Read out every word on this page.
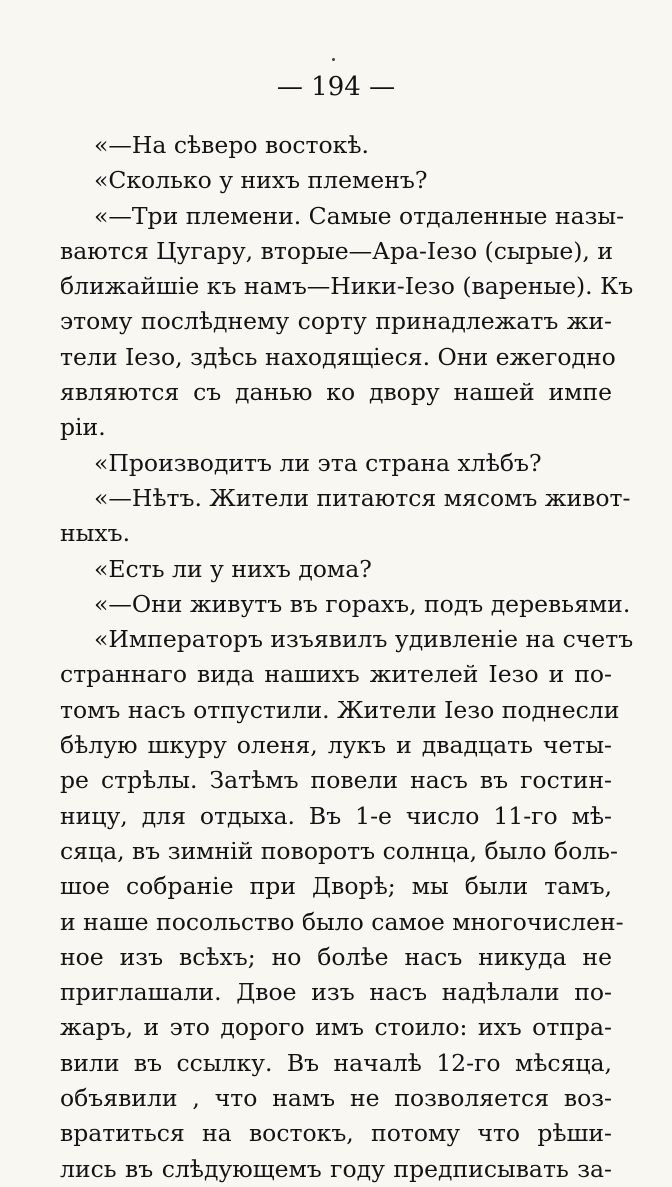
— 194 —
«—На сѣверо востокѣ.
«Сколько у нихъ племенъ?
«—Три племени. Самые отдаленные назы-
ваются Цугару, вторые—Ара-Іезо (сырые), и
ближайшіе къ намъ—Ники-Іезо (вареные). Къ
этому послѣднему сорту принадлежатъ жи-
тели Іезо, здѣсь находящіеся. Они ежегодно
являются съ данью ко двору нашей импе
ріи.
«Производитъ ли эта страна хлѣбъ?
«—Нѣтъ. Жители питаются мясомъ живот-
ныхъ.
«Есть ли у нихъ дома?
«—Они живутъ въ горахъ, подъ деревьями.
«Императоръ изъявилъ удивленіе на счетъ
страннаго вида нашихъ жителей Іезо и по-
томъ насъ отпустили. Жители Іезо поднесли
бѣлую шкуру оленя, лукъ и двадцать четы-
ре стрѣлы. Затѣмъ повели насъ въ гостин-
ницу, для отдыха. Въ 1-е число 11-го мѣ-
сяца, въ зимній поворотъ солнца, было боль-
шое собраніе при Дворѣ; мы были тамъ,
и наше посольство было самое многочислен-
ное изъ всѣхъ; но болѣе насъ никуда не
приглашали. Двое изъ насъ надѣлали по-
жаръ, и это дорого имъ стоило: ихъ отпра-
вили въ ссылку. Въ началѣ 12-го мѣсяца,
объявили , что намъ не позволяется воз-
вратиться на востокъ, потому что рѣши-
лись въ слѣдующемъ году предписывать за-
